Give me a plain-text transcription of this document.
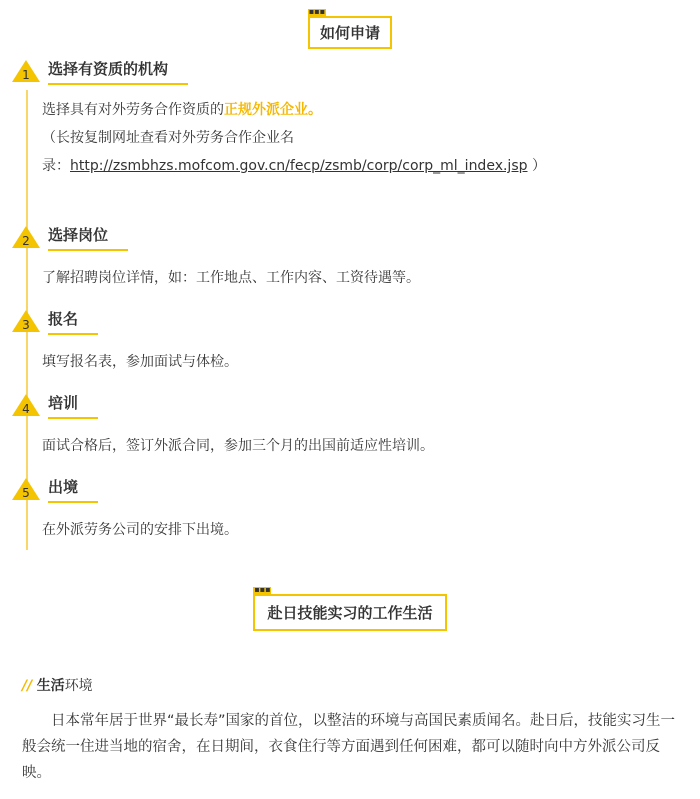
▪▪▪
如何申请
1 选择有资质的机构
选择具有对外劳务合作资质的正规外派企业。
（长按复制网址查看对外劳务合作企业名
录：http://zsmbhzs.mofcom.gov.cn/fecp/zsmb/corp/corp_ml_index.jsp ）
2 选择岗位
了解招聘岗位详情，如：工作地点、工作内容、工资待遇等。
3 报名
填写报名表，参加面试与体检。
4 培训
面试合格后，签订外派合同，参加三个月的出国前适应性培训。
5 出境
在外派劳务公司的安排下出境。
▪▪▪
赴日技能实习的工作生活
// 生活环境
日本常年居于世界“最长寿”国家的首位，以整洁的环境与高国民素质闻名。赴日后，技能实习生一般会统一住进当地的宿舍，在日期间，衣食住行等方面遇到任何困难，都可以随时向中方外派公司反映。
